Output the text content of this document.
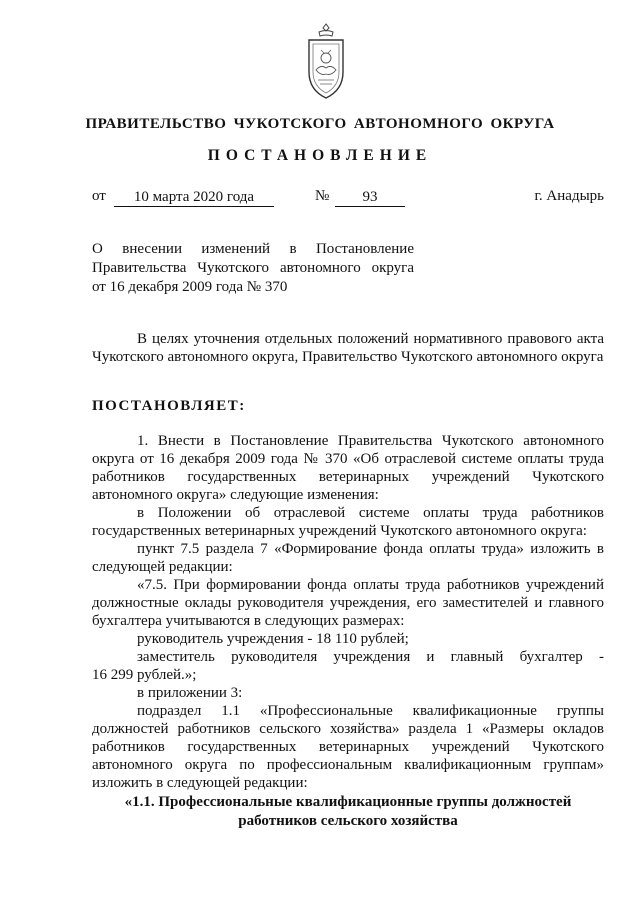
ПРАВИТЕЛЬСТВО ЧУКОТСКОГО АВТОНОМНОГО ОКРУГА
ПОСТАНОВЛЕНИЕ
от	10 марта 2020 года	№	93	г. Анадырь
О внесении изменений в Постановление
Правительства Чукотского автономного округа
от 16 декабря 2009 года № 370
В целях уточнения отдельных положений нормативного правового акта Чукотского автономного округа, Правительство Чукотского автономного округа
ПОСТАНОВЛЯЕТ:

1. Внести в Постановление Правительства Чукотского автономного округа от 16 декабря 2009 года № 370 «Об отраслевой системе оплаты труда работников государственных ветеринарных учреждений Чукотского автономного округа» следующие изменения:

в Положении об отраслевой системе оплаты труда работников государственных ветеринарных учреждений Чукотского автономного округа:

пункт 7.5 раздела 7 «Формирование фонда оплаты труда» изложить в следующей редакции:

«7.5. При формировании фонда оплаты труда работников учреждений должностные оклады руководителя учреждения, его заместителей и главного бухгалтера учитываются в следующих размерах:

руководитель учреждения - 18 110 рублей;

заместитель руководителя учреждения и главный бухгалтер -

16 299 рублей.»;

в приложении 3:

подраздел 1.1 «Профессиональные квалификационные группы должностей работников сельского хозяйства» раздела 1 «Размеры окладов работников государственных ветеринарных учреждений Чукотского автономного округа по профессиональным квалификационным группам» изложить в следующей редакции:

«1.1. Профессиональные квалификационные группы должностей
работников сельского хозяйства
